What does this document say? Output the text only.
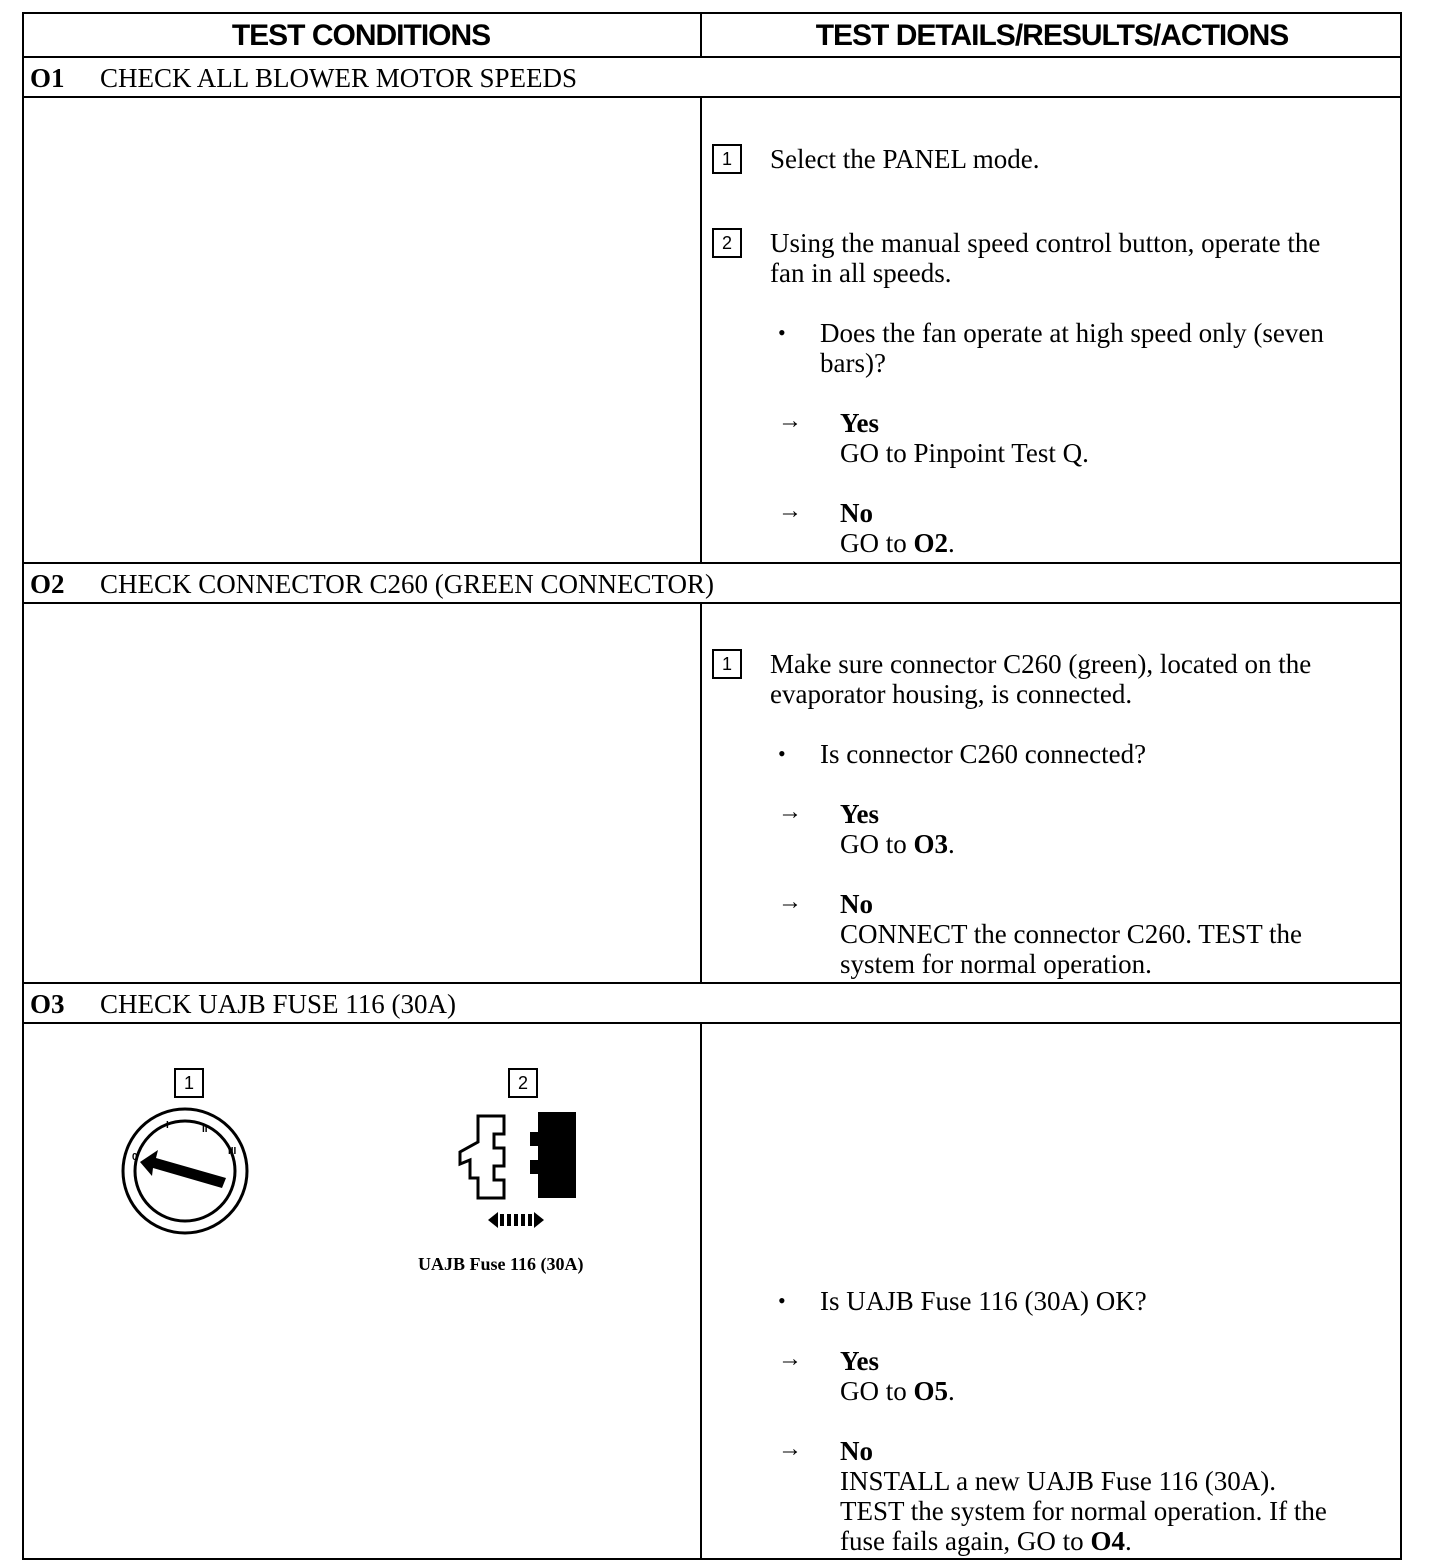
TEST CONDITIONS	TEST DETAILS/RESULTS/ACTIONS
O1 CHECK ALL BLOWER MOTOR SPEEDS
1	Select the PANEL mode.
2	Using the manual speed control button, operate the
fan in all speeds.
• Does the fan operate at high speed only (seven
bars)?
→ Yes
GO to Pinpoint Test Q.
→ No
GO to O2.
O2 CHECK CONNECTOR C260 (GREEN CONNECTOR)
1	Make sure connector C260 (green), located on the
evaporator housing, is connected.
• Is connector C260 connected?
→ Yes
GO to O3.
→ No
CONNECT the connector C260. TEST the
system for normal operation.
O3 CHECK UAJB FUSE 116 (30A)
1
0
I	II
III
2
UAJB Fuse 116 (30A)
• Is UAJB Fuse 116 (30A) OK?
→ Yes
GO to O5.
→ No
INSTALL a new UAJB Fuse 116 (30A).
TEST the system for normal operation. If the
fuse fails again, GO to O4.
